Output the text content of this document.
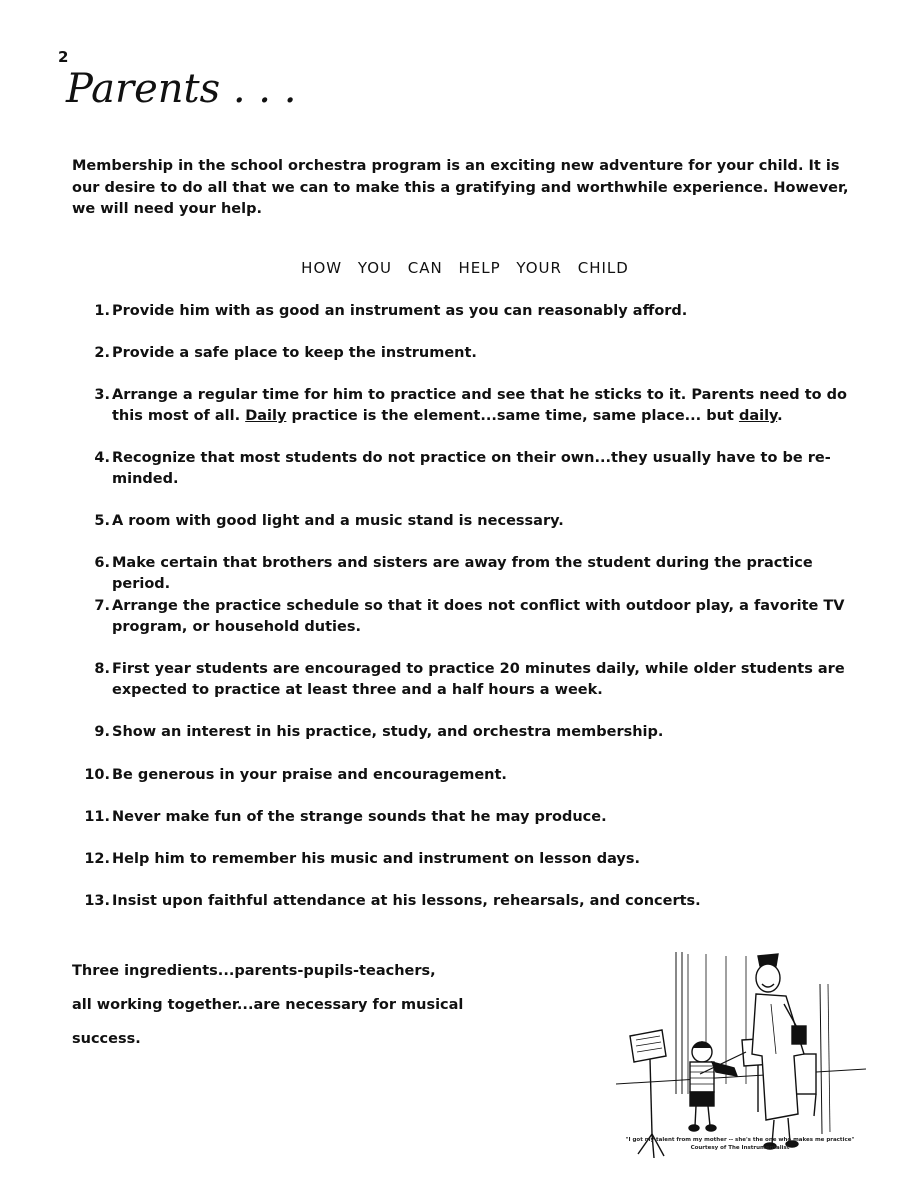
2
Parents . . .
Membership in the school orchestra program is an exciting new adventure for your child. It is our desire to do all that we can to make this a gratifying and worthwhile experience. However, we will need your help.
HOW YOU CAN HELP YOUR CHILD
1. Provide him with as good an instrument as you can reasonably afford.
2. Provide a safe place to keep the instrument.
3. Arrange a regular time for him to practice and see that he sticks to it. Parents need to do this most of all. Daily practice is the element...same time, same place... but daily.
4. Recognize that most students do not practice on their own...they usually have to be re-minded.
5. A room with good light and a music stand is necessary.
6. Make certain that brothers and sisters are away from the student during the practice period.
7. Arrange the practice schedule so that it does not conflict with outdoor play, a favorite TV program, or household duties.
8. First year students are encouraged to practice 20 minutes daily, while older students are expected to practice at least three and a half hours a week.
9. Show an interest in his practice, study, and orchestra membership.
10. Be generous in your praise and encouragement.
11. Never make fun of the strange sounds that he may produce.
12. Help him to remember his music and instrument on lesson days.
13. Insist upon faithful attendance at his lessons, rehearsals, and concerts.
Three ingredients...parents-pupils-teachers,
all working together...are necessary for musical
success.
"I got my talent from my mother -- she's the one who makes me practice"
Courtesy of The Instrumentalist
